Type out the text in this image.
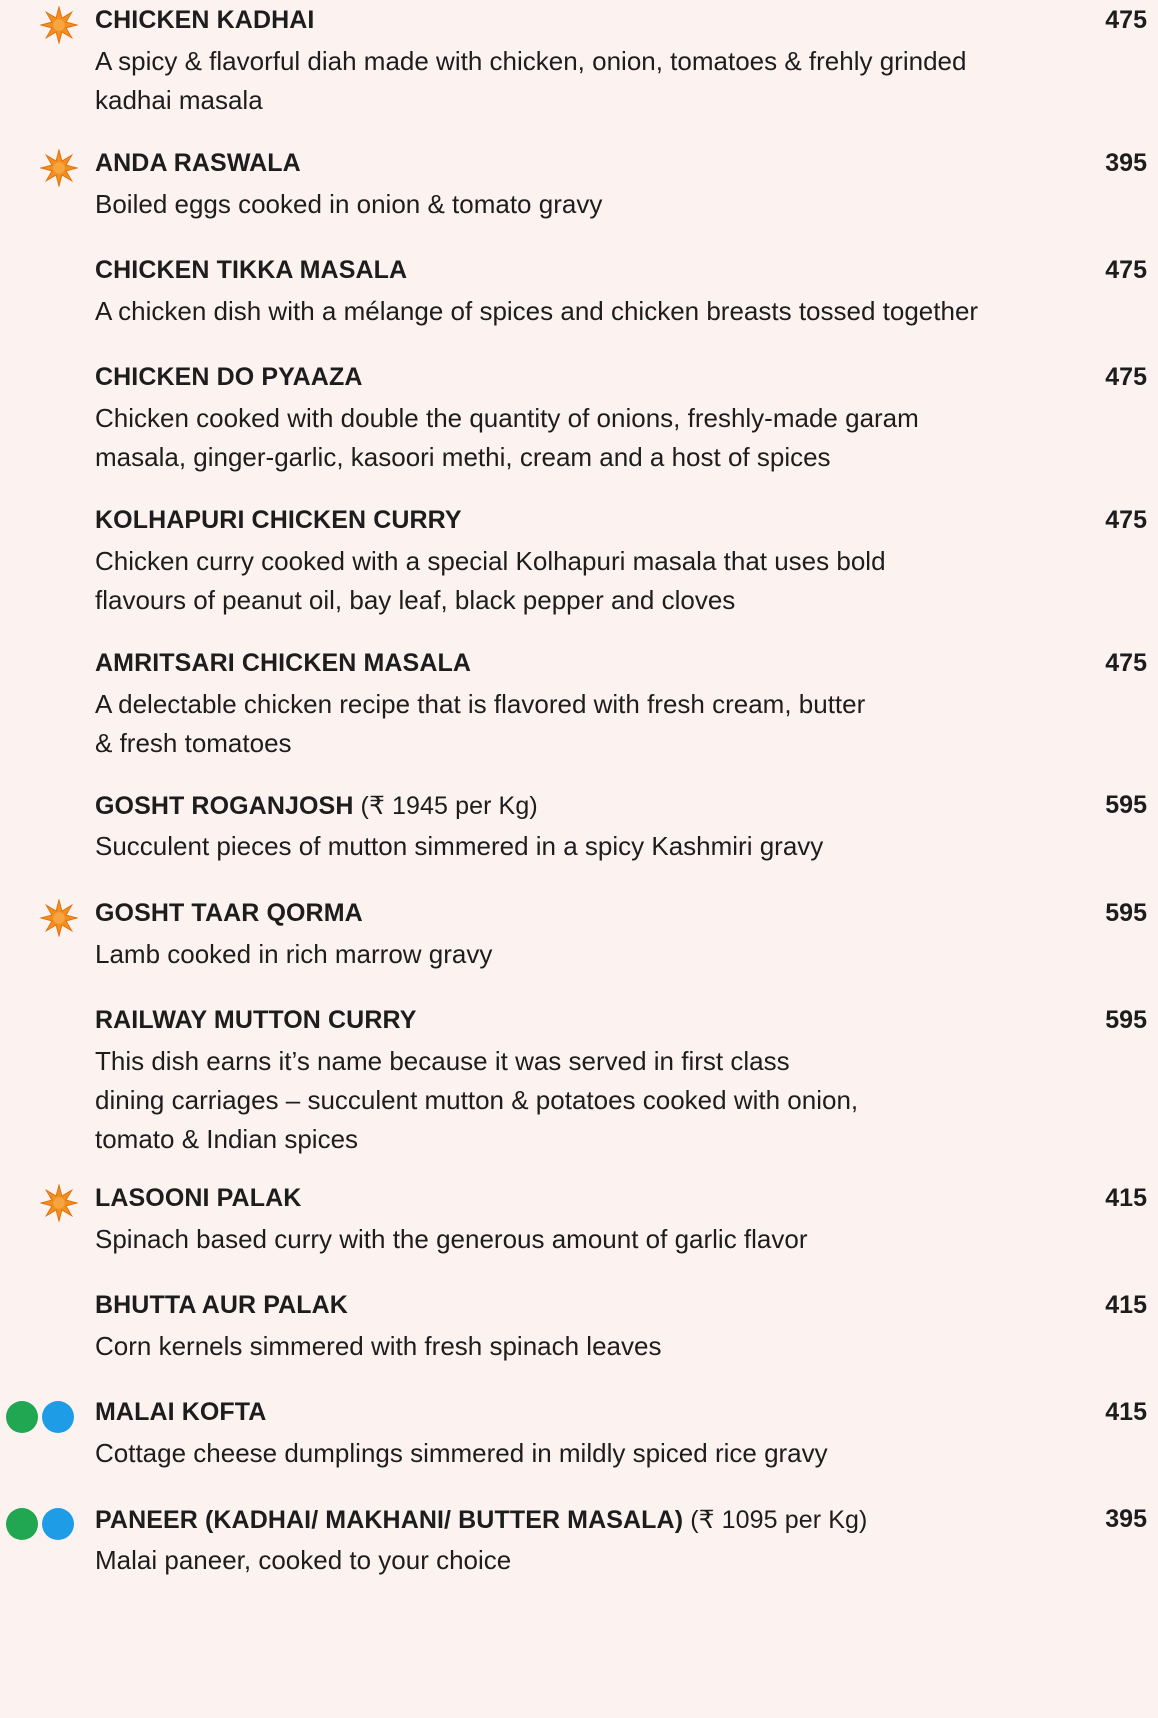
CHICKEN KADHAI	475
A spicy & flavorful diah made with chicken, onion, tomatoes & frehly grinded
kadhai masala
ANDA RASWALA	395
Boiled eggs cooked in onion & tomato gravy
CHICKEN TIKKA MASALA	475
A chicken dish with a mélange of spices and chicken breasts tossed together
CHICKEN DO PYAAZA	475
Chicken cooked with double the quantity of onions, freshly-made garam
masala, ginger-garlic, kasoori methi, cream and a host of spices
KOLHAPURI CHICKEN CURRY	475
Chicken curry cooked with a special Kolhapuri masala that uses bold
flavours of peanut oil, bay leaf, black pepper and cloves
AMRITSARI CHICKEN MASALA	475
A delectable chicken recipe that is flavored with fresh cream, butter
& fresh tomatoes
GOSHT ROGANJOSH (₹ 1945 per Kg)	595
Succulent pieces of mutton simmered in a spicy Kashmiri gravy
GOSHT TAAR QORMA	595
Lamb cooked in rich marrow gravy
RAILWAY MUTTON CURRY	595
This dish earns it’s name because it was served in first class
dining carriages – succulent mutton & potatoes cooked with onion,
tomato & Indian spices
LASOONI PALAK	415
Spinach based curry with the generous amount of garlic flavor
BHUTTA AUR PALAK	415
Corn kernels simmered with fresh spinach leaves
MALAI KOFTA	415
Cottage cheese dumplings simmered in mildly spiced rice gravy
PANEER (KADHAI/ MAKHANI/ BUTTER MASALA) (₹ 1095 per Kg)	395
Malai paneer, cooked to your choice
